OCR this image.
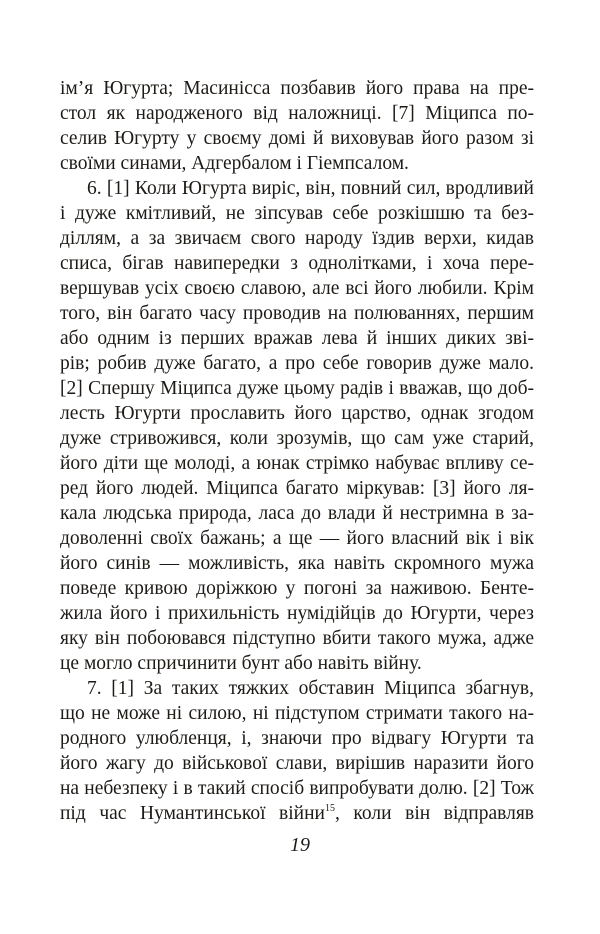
ім’я Югурта; Масинісса позбавив його права на пре-
стол як народженого від наложниці. [7] Міципса по-
селив Югурту у своєму домі й виховував його разом зі
своїми синами, Адгербалом і Гіемпсалом.
6. [1] Коли Югурта виріс, він, повний сил, вродливий
і дуже кмітливий, не зіпсував себе розкішшю та без-
діллям, а за звичаєм свого народу їздив верхи, кидав
списа, бігав навипередки з однолітками, і хоча пере-
вершував усіх своєю славою, але всі його любили. Крім
того, він багато часу проводив на полюваннях, першим
або одним із перших вражав лева й інших диких зві-
рів; робив дуже багато, а про себе говорив дуже мало.
[2] Спершу Міципса дуже цьому радів і вважав, що доб-
лесть Югурти прославить його царство, однак згодом
дуже стривожився, коли зрозумів, що сам уже старий,
його діти ще молоді, а юнак стрімко набуває впливу се-
ред його людей. Міципса багато міркував: [3] його ля-
кала людська природа, ласа до влади й нестримна в за-
доволенні своїх бажань; а ще — його власний вік і вік
його синів — можливість, яка навіть скромного мужа
поведе кривою доріжкою у погоні за наживою. Бенте-
жила його і прихильність нумідійців до Югурти, через
яку він побоювався підступно вбити такого мужа, адже
це могло спричинити бунт або навіть війну.
7. [1] За таких тяжких обставин Міципса збагнув,
що не може ні силою, ні підступом стримати такого на-
родного улюбленця, і, знаючи про відвагу Югурти та
його жагу до військової слави, вирішив наразити його
на небезпеку і в такий спосіб випробувати долю. [2] Тож
під час Нумантинської війни$^{15}$, коли він відправляв
19
